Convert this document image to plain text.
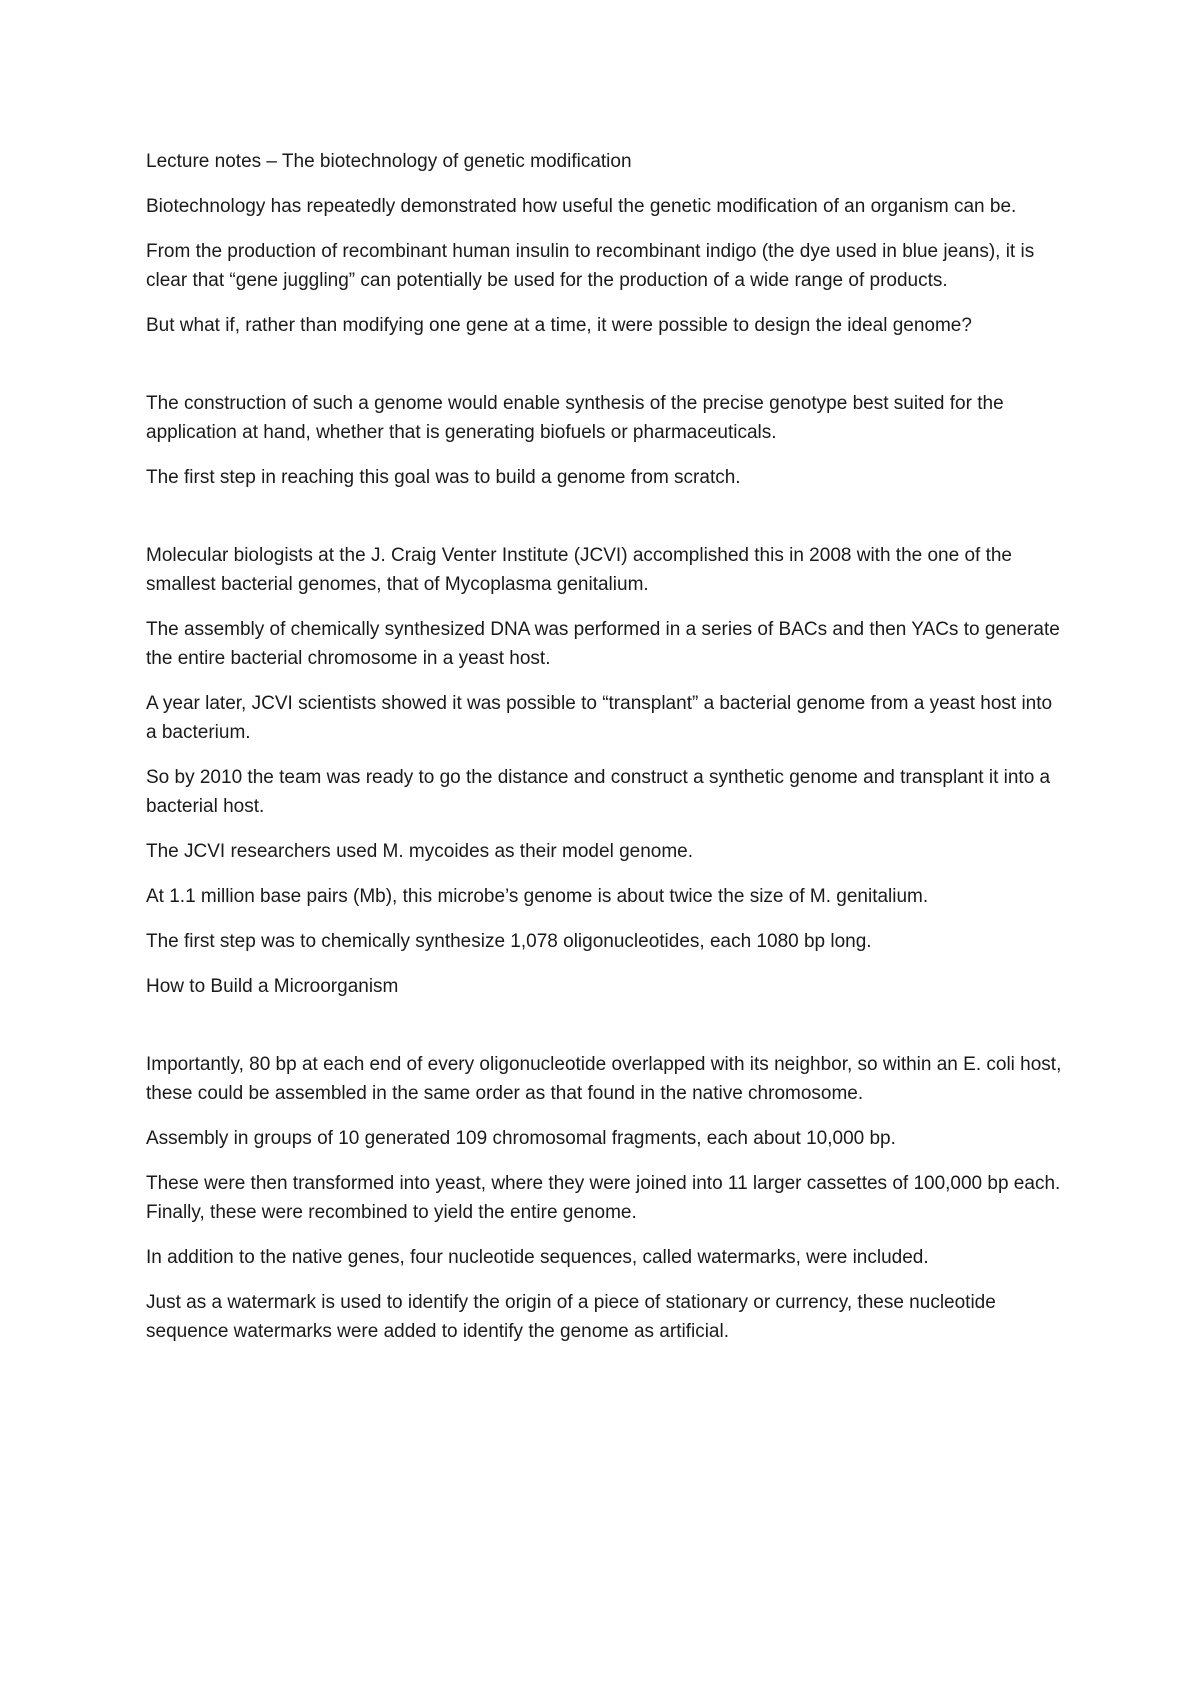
Lecture notes – The biotechnology of genetic modification

Biotechnology has repeatedly demonstrated how useful the genetic modification of an organism can be.

From the production of recombinant human insulin to recombinant indigo (the dye used in blue jeans), it is clear that “gene juggling” can potentially be used for the production of a wide range of products.

But what if, rather than modifying one gene at a time, it were possible to design the ideal genome?

The construction of such a genome would enable synthesis of the precise genotype best suited for the application at hand, whether that is generating biofuels or pharmaceuticals.

The first step in reaching this goal was to build a genome from scratch.

Molecular biologists at the J. Craig Venter Institute (JCVI) accomplished this in 2008 with the one of the smallest bacterial genomes, that of Mycoplasma genitalium.

The assembly of chemically synthesized DNA was performed in a series of BACs and then YACs to generate the entire bacterial chromosome in a yeast host.

A year later, JCVI scientists showed it was possible to “transplant” a bacterial genome from a yeast host into a bacterium.

So by 2010 the team was ready to go the distance and construct a synthetic genome and transplant it into a bacterial host.

The JCVI researchers used M. mycoides as their model genome.

At 1.1 million base pairs (Mb), this microbe’s genome is about twice the size of M. genitalium.

The first step was to chemically synthesize 1,078 oligonucleotides, each 1080 bp long.

How to Build a Microorganism

Importantly, 80 bp at each end of every oligonucleotide overlapped with its neighbor, so within an E. coli host, these could be assembled in the same order as that found in the native chromosome.

Assembly in groups of 10 generated 109 chromosomal fragments, each about 10,000 bp.

These were then transformed into yeast, where they were joined into 11 larger cassettes of 100,000 bp each. Finally, these were recombined to yield the entire genome.

In addition to the native genes, four nucleotide sequences, called watermarks, were included.

Just as a watermark is used to identify the origin of a piece of stationary or currency, these nucleotide sequence watermarks were added to identify the genome as artificial.
